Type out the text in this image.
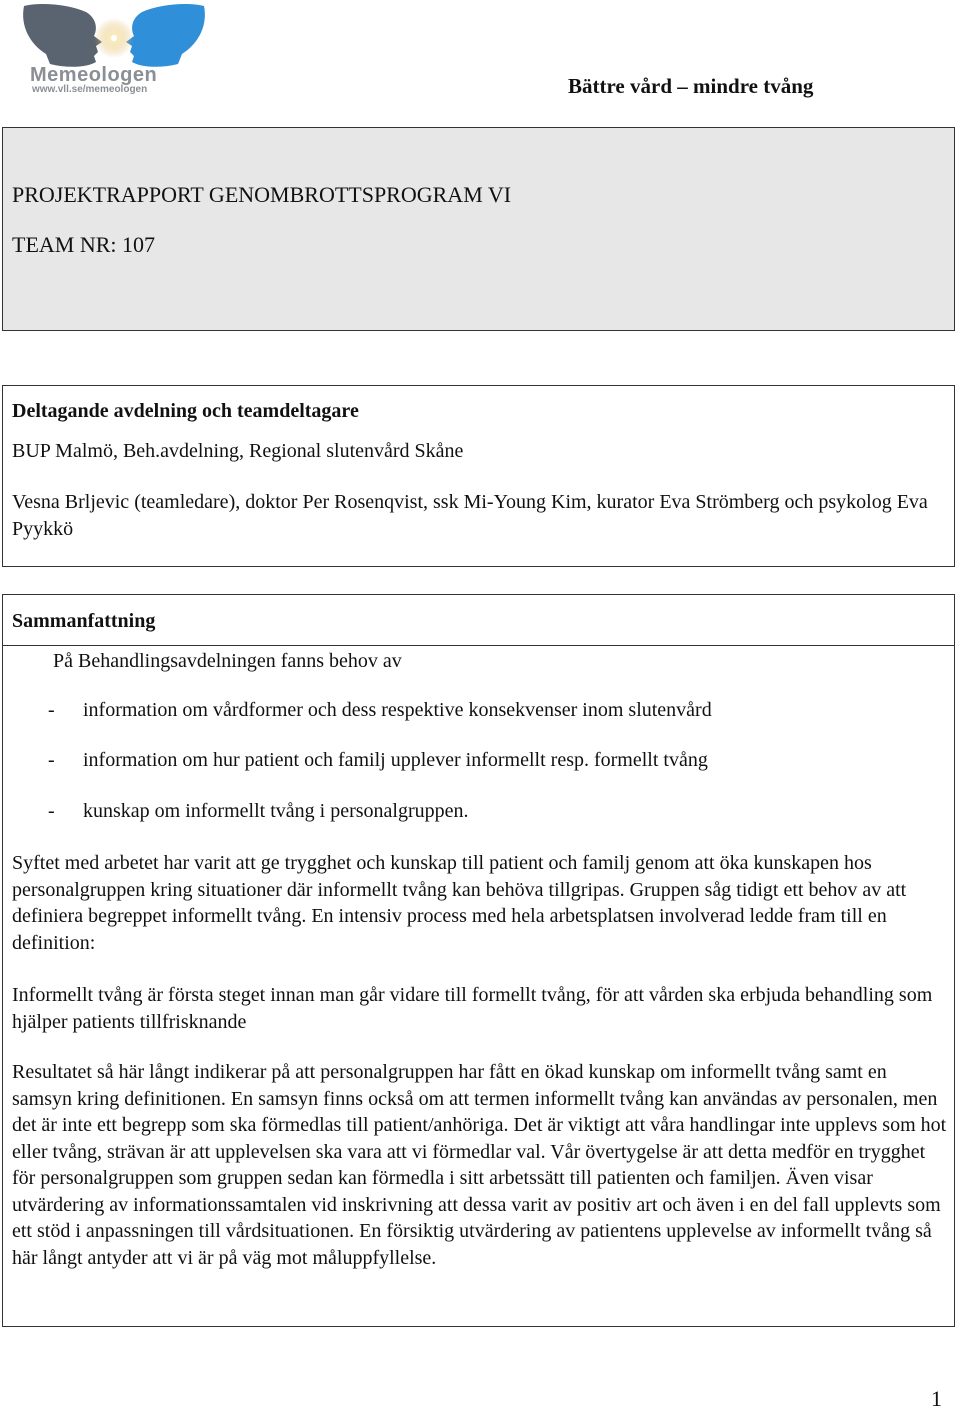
Memeologen
www.vll.se/memeologen	Bättre vård – mindre tvång
PROJEKTRAPPORT GENOMBROTTSPROGRAM VI
TEAM NR: 107
Deltagande avdelning och teamdeltagare
BUP Malmö, Beh.avdelning, Regional slutenvård Skåne
Vesna Brljevic (teamledare), doktor Per Rosenqvist, ssk Mi-Young Kim, kurator Eva Strömberg och psykolog Eva Pyykkö
Sammanfattning
På Behandlingsavdelningen fanns behov av
- information om vårdformer och dess respektive konsekvenser inom slutenvård
- information om hur patient och familj upplever informellt resp. formellt tvång
- kunskap om informellt tvång i personalgruppen.
Syftet med arbetet har varit att ge trygghet och kunskap till patient och familj genom att öka kunskapen hos personalgruppen kring situationer där informellt tvång kan behöva tillgripas. Gruppen såg tidigt ett behov av att definiera begreppet informellt tvång. En intensiv process med hela arbetsplatsen involverad ledde fram till en definition:
Informellt tvång är första steget innan man går vidare till formellt tvång, för att vården ska erbjuda behandling som hjälper patients tillfrisknande
Resultatet så här långt indikerar på att personalgruppen har fått en ökad kunskap om informellt tvång samt en samsyn kring definitionen. En samsyn finns också om att termen informellt tvång kan användas av personalen, men det är inte ett begrepp som ska förmedlas till patient/anhöriga. Det är viktigt att våra handlingar inte upplevs som hot eller tvång, strävan är att upplevelsen ska vara att vi förmedlar val. Vår övertygelse är att detta medför en trygghet för personalgruppen som gruppen sedan kan förmedla i sitt arbetssätt till patienten och familjen. Även visar utvärdering av informationssamtalen vid inskrivning att dessa varit av positiv art och även i en del fall upplevts som ett stöd i anpassningen till vårdsituationen. En försiktig utvärdering av patientens upplevelse av informellt tvång så här långt antyder att vi är på väg mot måluppfyllelse.
1
